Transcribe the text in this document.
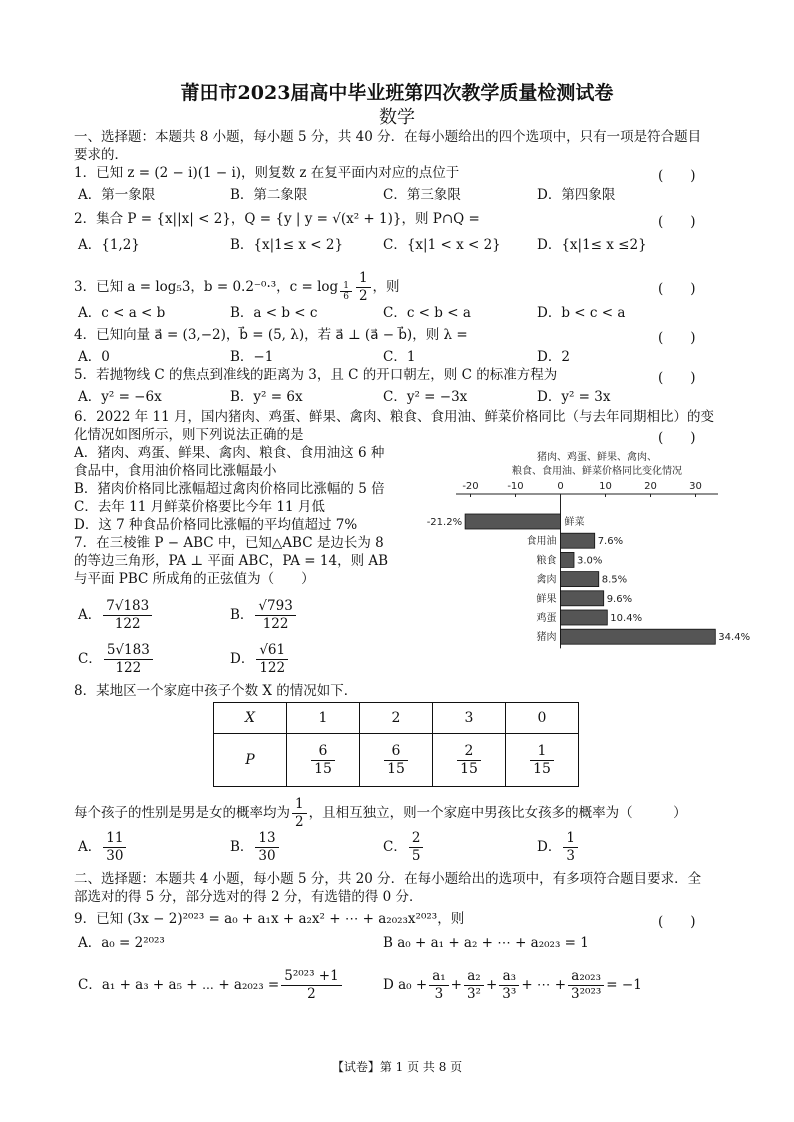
莆田市2023届高中毕业班第四次教学质量检测试卷
数学
一、选择题：本题共 8 小题，每小题 5 分，共 40 分．在每小题给出的四个选项中，只有一项是符合题目要求的．
1．已知 z = (2 − i)(1 − i)，则复数 z 在复平面内对应的点位于	(　　)
A．第一象限	B．第二象限	C．第三象限	D．第四象限
2．集合 P = {x||x| < 2}，Q = {y | y = √(x² + 1)}，则 P∩Q =	(　　)
A．{1,2}	B．{x|1≤ x < 2}	C．{x|1 < x < 2}	D．{x|1≤ x ≤2}
3．已知 a = log₅3，b = 0.2⁻⁰·³，$c = \log \frac{1}{6} \frac{1}{2}$ ，则	(　　)
A．c < a < b	B．a < b < c	C．c < b < a	D．b < c < a
4．已知向量 a⃗ = (3,−2)，b⃗ = (5, λ)，若 a⃗ ⊥ (a⃗ − b⃗)，则 λ =	(　　)
A．0	B．−1	C．1	D．2
5．若抛物线 C 的焦点到准线的距离为 3，且 C 的开口朝左，则 C 的标准方程为	(　　)
A．y² = −6x	B．y² = 6x	C．y² = −3x	D．y² = 3x
6．2022 年 11 月，国内猪肉、鸡蛋、鲜果、禽肉、粮食、食用油、鲜菜价格同比（与去年同期相比）的变
化情况如图所示，则下列说法正确的是	(　　)
A．猪肉、鸡蛋、鲜果、禽肉、粮食、食用油这 6 种
食品中，食用油价格同比涨幅最小
B．猪肉价格同比涨幅超过禽肉价格同比涨幅的 5 倍
C．去年 11 月鲜菜价格要比今年 11 月低
D．这 7 种食品价格同比涨幅的平均值超过 7%
猪肉、鸡蛋、鲜果、禽肉、
粮食、食用油、鲜菜价格同比变化情况
-20	-10	0	10	20	30
鲜菜
-21.2%
食用油	7.6%
粮食 3.0%
禽肉	8.5%
鲜果	9.6%
鸡蛋	10.4%
猪肉	34.4%
7．在三棱锥 P − ABC 中，已知△ABC 是边长为 8
的等边三角形，PA ⊥ 平面 ABC，PA = 14，则 AB
与平面 PBC 所成角的正弦值为（　　）
A． $\frac{7√183}{122}$	B． $\frac{√793}{122}$
C． $\frac{5√183}{122}$	D． $\frac{√61}{122}$
8．某地区一个家庭中孩子个数 X 的情况如下．
X	1	2	3	0
P	$\frac{6}{15}$	$\frac{6}{15}$	$\frac{2}{15}$	$\frac{1}{15}$
每个孩子的性别是男是女的概率均为 $\frac{1}{2}$ ，且相互独立，则一个家庭中男孩比女孩多的概率为（　　　）
A． $\frac{11}{30}$	B． $\frac{13}{30}$	C． $\frac{2}{5}$	D． $\frac{1}{3}$
二、选择题：本题共 4 小题，每小题 5 分，共 20 分．在每小题给出的选项中，有多项符合题目要求．全
部选对的得 5 分，部分选对的得 2 分，有选错的得 0 分．
9．已知 (3x − 2)²⁰²³ = a₀ + a₁x + a₂x² + ⋯ + a₂₀₂₃x²⁰²³，则	(　　)
A．a₀ = 2²⁰²³	B a₀ + a₁ + a₂ + ⋯ + a₂₀₂₃ = 1
C．a₁ + a₃ + a₅ + ⋯ + $a_{2023} = \frac{\text{5²⁰²³ +1}}{2}$	D $a_0 + \frac{\text{a₁}}{3} + \frac{\text{a₂}}{\text{3²}} + \frac{\text{a₃}}{\text{3³}}$ + ⋯ + $\frac{\text{a₂₀₂₃}}{\text{3²⁰²³}} = -1$
【试卷】第 1 页 共 8 页
